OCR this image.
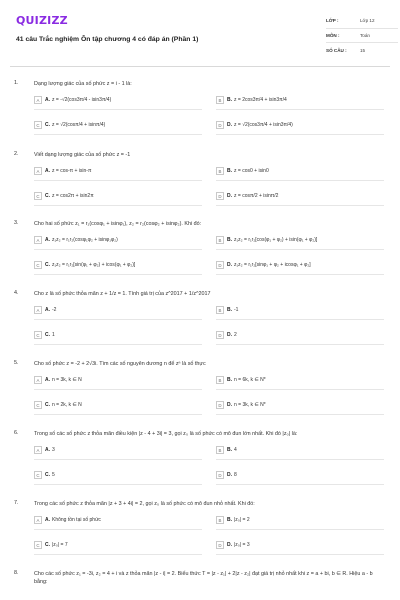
QUIZIZZ
41 câu Trắc nghiệm Ôn tập chương 4 có đáp án (Phần 1)
LỚP :	Lớp 12
MÔN :	Toán
SỐ CÂU :	15
1.	Dạng lượng giác của số phức z = i - 1 là:
A	A. z = -√2(cos3π/4 - isin3π/4)	B	B. z = 2cos3π/4 + isin3π/4
C	C. z = √2(cosπ/4 + isinπ/4)	D	D. z = √2(cos3π/4 + isin3π/4)
2.	Viết dạng lượng giác của số phức z = -1
A	A. z = cos-π + isin-π	B	B. z = cos0 + isin0
C	C. z = cos2π + isin2π	D	D. z = cosπ/2 + isinπ/2
3.	Cho hai số phức z₁ = r₁(cosφ₁ + isinφ₁), z₂ = r₂(cosφ₂ + isinφ₂). Khi đó:
A	A. z₁z₂ = r₁r₂(cosφ₁φ₂ + isinφ₁φ₂)	B	B. z₁z₂ = r₁r₂[cos(φ₁ + φ₂) + isin(φ₁ + φ₂)]
C	C. z₁z₂ = r₁r₂[sin(φ₁ + φ₂) + icos(φ₁ + φ₂)]	D	D. z₁z₂ = r₁r₂[sinφ₁ + φ₂ + icosφ₁ + φ₂]
4.	Cho z là số phức thỏa mãn z + 1/z = 1. Tính giá trị của z^2017 + 1/z^2017
A	A. -2	B	B. -1
C	C. 1	D	D. 2
5.	Cho số phức z = -2 + 2√3i. Tìm các số nguyên dương n để zⁿ là số thực
A	A. n = 3k, k ∈ N	B	B. n = 6k, k ∈ N*
C	C. n = 2k, k ∈ N	D	D. n = 3k, k ∈ N*
6.	Trong số các số phức z thỏa mãn điều kiện |z - 4 + 3i| = 3, gọi z₀ là số phức có mô đun lớn nhất. Khi đó |z₀| là:
A	A. 3	B	B. 4
C	C. 5	D	D. 8
7.	Trong các số phức z thỏa mãn |z + 3 + 4i| = 2, gọi z₀ là số phức có mô đun nhỏ nhất. Khi đó:
A	A. Không tồn tại số phức	B	B. |z₀| = 2
C	C. |z₀| = 7	D	D. |z₀| = 3
8.	Cho các số phức z₁ = -3i, z₂ = 4 + i và z thỏa mãn |z - i| = 2. Biểu thức T = |z - z₁| + 2|z - z₂| đạt giá trị nhỏ nhất khi z = a + bi, b ∈ R. Hiệu a - b bằng:
